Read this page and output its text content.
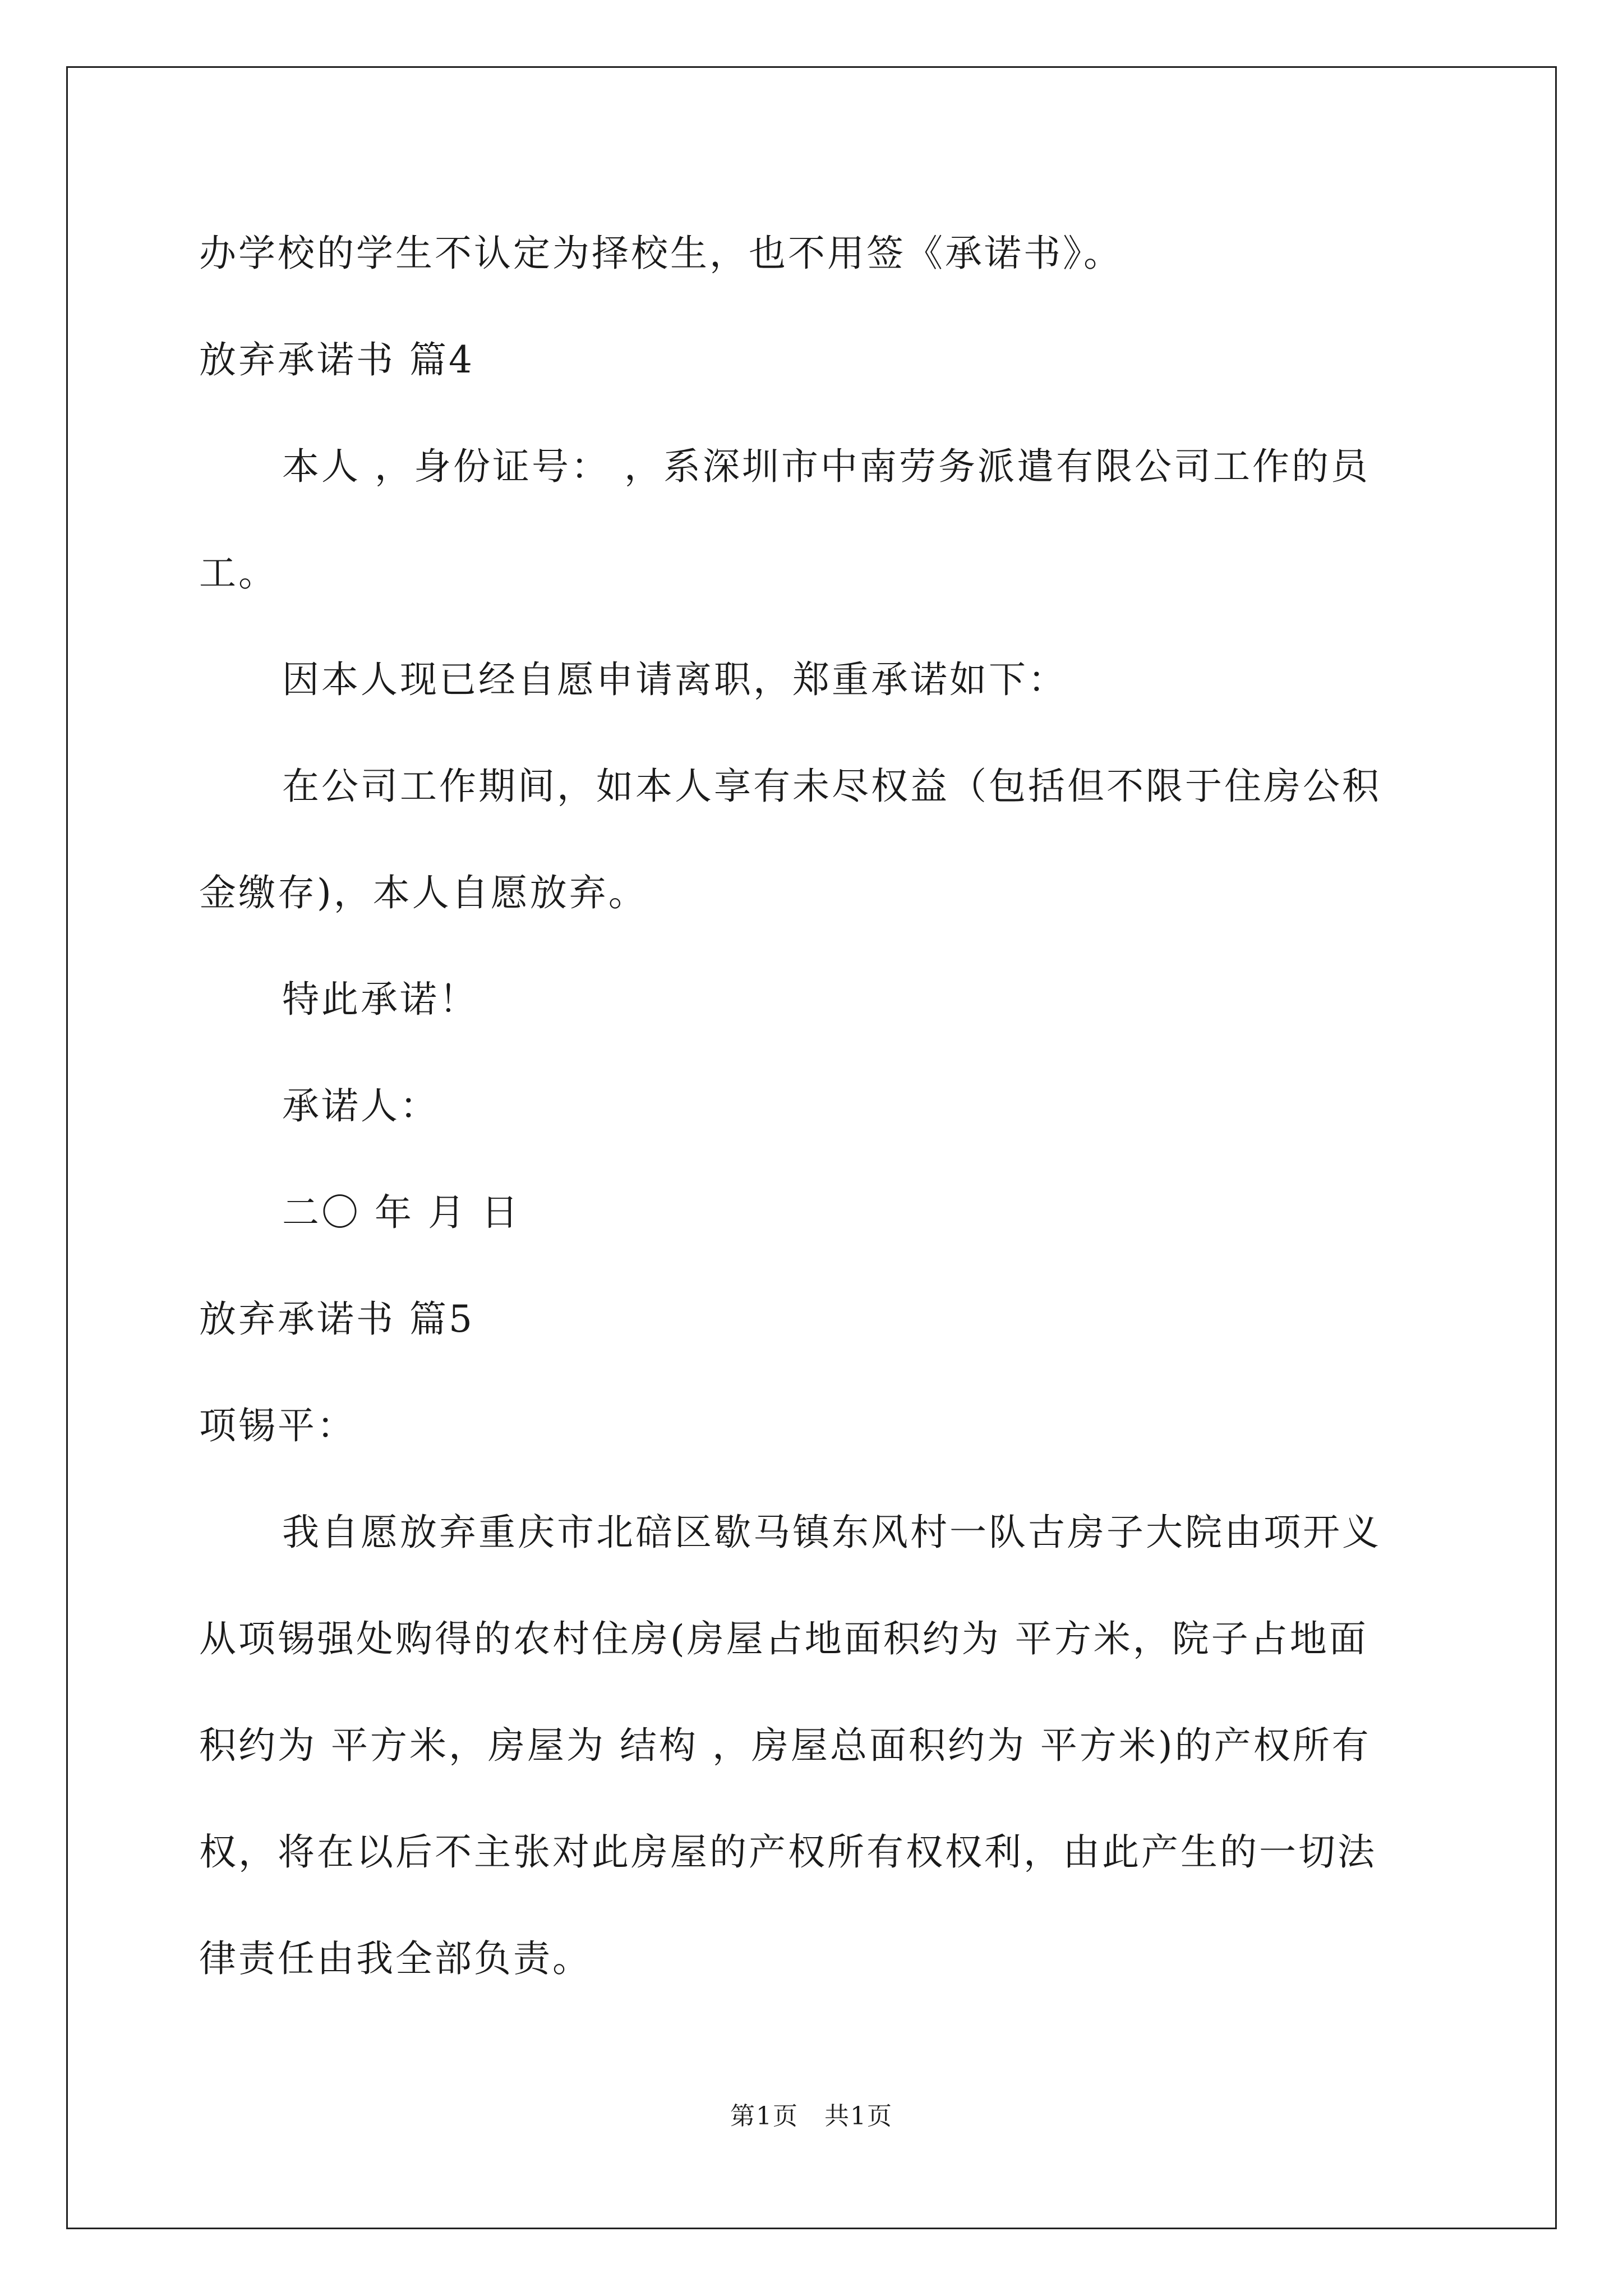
办学校的学生不认定为择校生，也不用签《承诺书》。
放弃承诺书 篇4
本人 ，身份证号： ，系深圳市中南劳务派遣有限公司工作的员
工。
因本人现已经自愿申请离职，郑重承诺如下：
在公司工作期间，如本人享有未尽权益（包括但不限于住房公积
金缴存)，本人自愿放弃。
特此承诺！
承诺人：
二〇 年 月 日
放弃承诺书 篇5
项锡平：
我自愿放弃重庆市北碚区歇马镇东风村一队古房子大院由项开义
从项锡强处购得的农村住房(房屋占地面积约为 平方米，院子占地面
积约为 平方米，房屋为 结构 ，房屋总面积约为 平方米)的产权所有
权，将在以后不主张对此房屋的产权所有权权利，由此产生的一切法
律责任由我全部负责。
第1页　共1页
